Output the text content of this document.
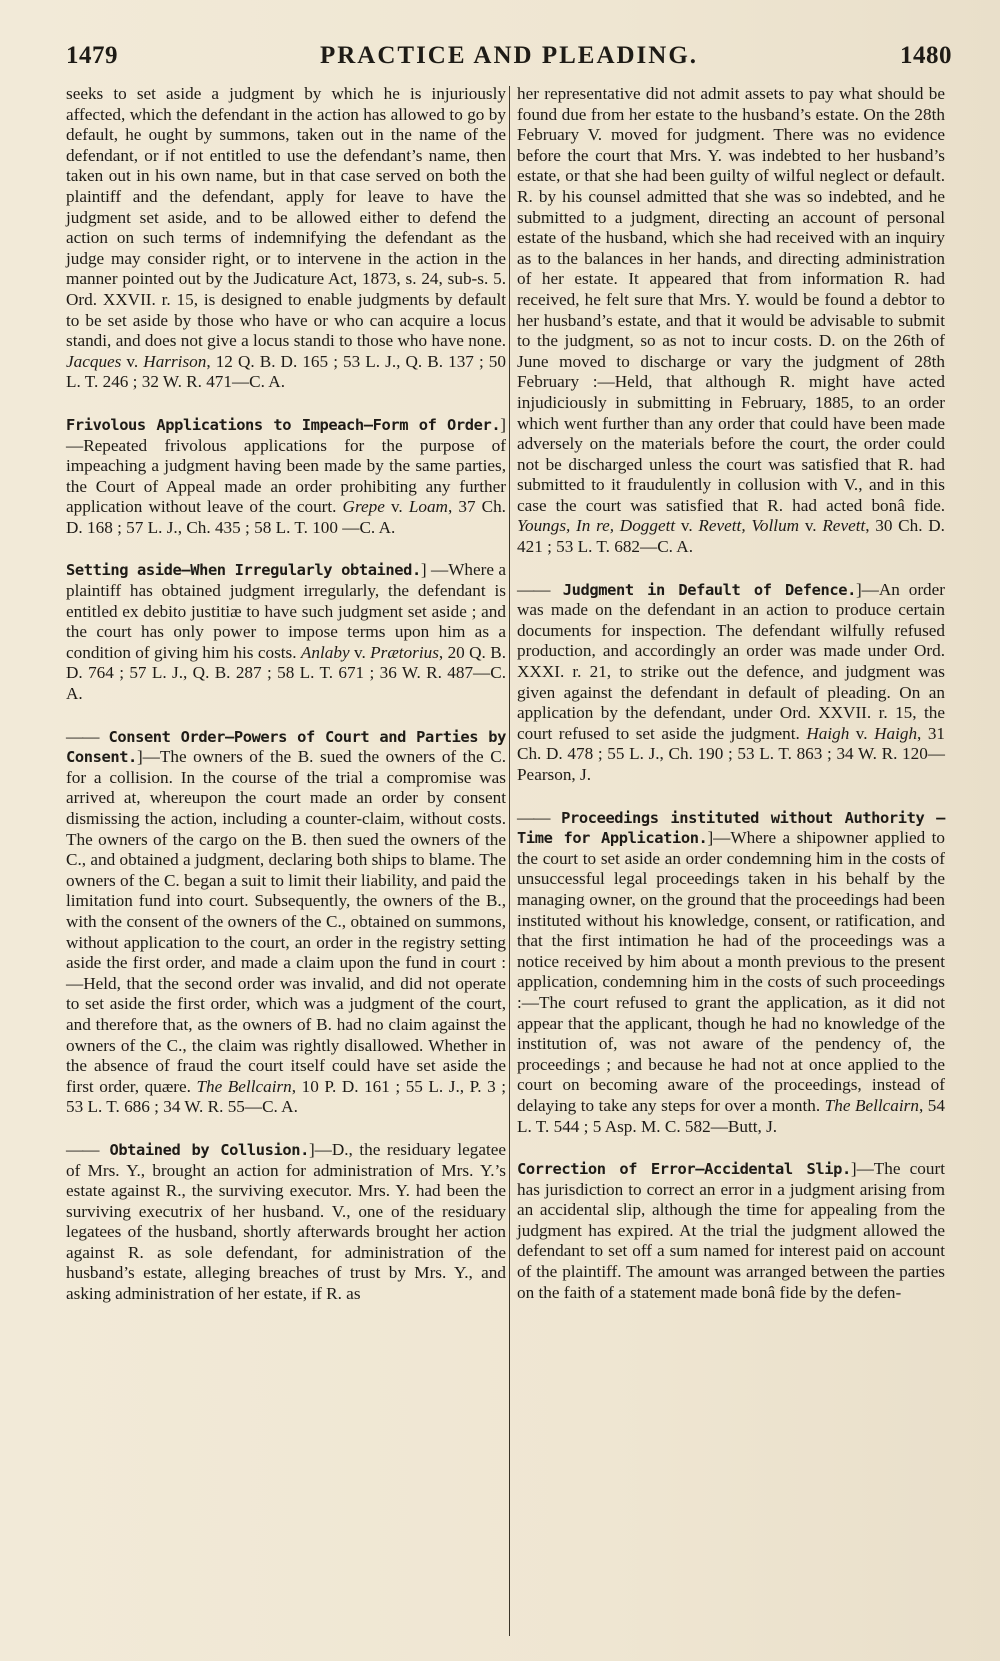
1479	PRACTICE AND PLEADING.	1480

seeks to set aside a judgment by which he is injuriously affected, which the defendant in the action has allowed to go by default, he ought by summons, taken out in the name of the defendant, or if not entitled to use the defendant’s name, then taken out in his own name, but in that case served on both the plaintiff and the defendant, apply for leave to have the judgment set aside, and to be allowed either to defend the action on such terms of indemnifying the defendant as the judge may consider right, or to intervene in the action in the manner pointed out by the Judicature Act, 1873, s. 24, sub-s. 5. Ord. XXVII. r. 15, is designed to enable judgments by default to be set aside by those who have or who can acquire a locus standi, and does not give a locus standi to those who have none. Jacques v. Harrison, 12 Q. B. D. 165 ; 53 L. J., Q. B. 137 ; 50 L. T. 246 ; 32 W. R. 471—C. A.

Frivolous Applications to Impeach—Form of Order.]—Repeated frivolous applications for the purpose of impeaching a judgment having been made by the same parties, the Court of Appeal made an order prohibiting any further application without leave of the court. Grepe v. Loam, 37 Ch. D. 168 ; 57 L. J., Ch. 435 ; 58 L. T. 100 —C. A.

Setting aside—When Irregularly obtained.] —Where a plaintiff has obtained judgment irregularly, the defendant is entitled ex debito justitiæ to have such judgment set aside ; and the court has only power to impose terms upon him as a condition of giving him his costs. Anlaby v. Prætorius, 20 Q. B. D. 764 ; 57 L. J., Q. B. 287 ; 58 L. T. 671 ; 36 W. R. 487—C. A.

—— Consent Order—Powers of Court and Parties by Consent.]—The owners of the B. sued the owners of the C. for a collision. In the course of the trial a compromise was arrived at, whereupon the court made an order by consent dismissing the action, including a counter-claim, without costs. The owners of the cargo on the B. then sued the owners of the C., and obtained a judgment, declaring both ships to blame. The owners of the C. began a suit to limit their liability, and paid the limitation fund into court. Subsequently, the owners of the B., with the consent of the owners of the C., obtained on summons, without application to the court, an order in the registry setting aside the first order, and made a claim upon the fund in court :—Held, that the second order was invalid, and did not operate to set aside the first order, which was a judgment of the court, and therefore that, as the owners of B. had no claim against the owners of the C., the claim was rightly disallowed. Whether in the absence of fraud the court itself could have set aside the first order, quære. The Bellcairn, 10 P. D. 161 ; 55 L. J., P. 3 ; 53 L. T. 686 ; 34 W. R. 55—C. A.

—— Obtained by Collusion.]—D., the residuary legatee of Mrs. Y., brought an action for administration of Mrs. Y.’s estate against R., the surviving executor. Mrs. Y. had been the surviving executrix of her husband. V., one of the residuary legatees of the husband, shortly afterwards brought her action against R. as sole defendant, for administration of the husband’s estate, alleging breaches of trust by Mrs. Y., and asking administration of her estate, if R. as

her representative did not admit assets to pay what should be found due from her estate to the husband’s estate. On the 28th February V. moved for judgment. There was no evidence before the court that Mrs. Y. was indebted to her husband’s estate, or that she had been guilty of wilful neglect or default. R. by his counsel admitted that she was so indebted, and he submitted to a judgment, directing an account of personal estate of the husband, which she had received with an inquiry as to the balances in her hands, and directing administration of her estate. It appeared that from information R. had received, he felt sure that Mrs. Y. would be found a debtor to her husband’s estate, and that it would be advisable to submit to the judgment, so as not to incur costs. D. on the 26th of June moved to discharge or vary the judgment of 28th February :—Held, that although R. might have acted injudiciously in submitting in February, 1885, to an order which went further than any order that could have been made adversely on the materials before the court, the order could not be discharged unless the court was satisfied that R. had submitted to it fraudulently in collusion with V., and in this case the court was satisfied that R. had acted bonâ fide. Youngs, In re, Doggett v. Revett, Vollum v. Revett, 30 Ch. D. 421 ; 53 L. T. 682—C. A.

—— Judgment in Default of Defence.]—An order was made on the defendant in an action to produce certain documents for inspection. The defendant wilfully refused production, and accordingly an order was made under Ord. XXXI. r. 21, to strike out the defence, and judgment was given against the defendant in default of pleading. On an application by the defendant, under Ord. XXVII. r. 15, the court refused to set aside the judgment. Haigh v. Haigh, 31 Ch. D. 478 ; 55 L. J., Ch. 190 ; 53 L. T. 863 ; 34 W. R. 120—Pearson, J.

—— Proceedings instituted without Authority —Time for Application.]—Where a shipowner applied to the court to set aside an order condemning him in the costs of unsuccessful legal proceedings taken in his behalf by the managing owner, on the ground that the proceedings had been instituted without his knowledge, consent, or ratification, and that the first intimation he had of the proceedings was a notice received by him about a month previous to the present application, condemning him in the costs of such proceedings :—The court refused to grant the application, as it did not appear that the applicant, though he had no knowledge of the institution of, was not aware of the pendency of, the proceedings ; and because he had not at once applied to the court on becoming aware of the proceedings, instead of delaying to take any steps for over a month. The Bellcairn, 54 L. T. 544 ; 5 Asp. M. C. 582—Butt, J.

Correction of Error—Accidental Slip.]—The court has jurisdiction to correct an error in a judgment arising from an accidental slip, although the time for appealing from the judgment has expired. At the trial the judgment allowed the defendant to set off a sum named for interest paid on account of the plaintiff. The amount was arranged between the parties on the faith of a statement made bonâ fide by the defen-
